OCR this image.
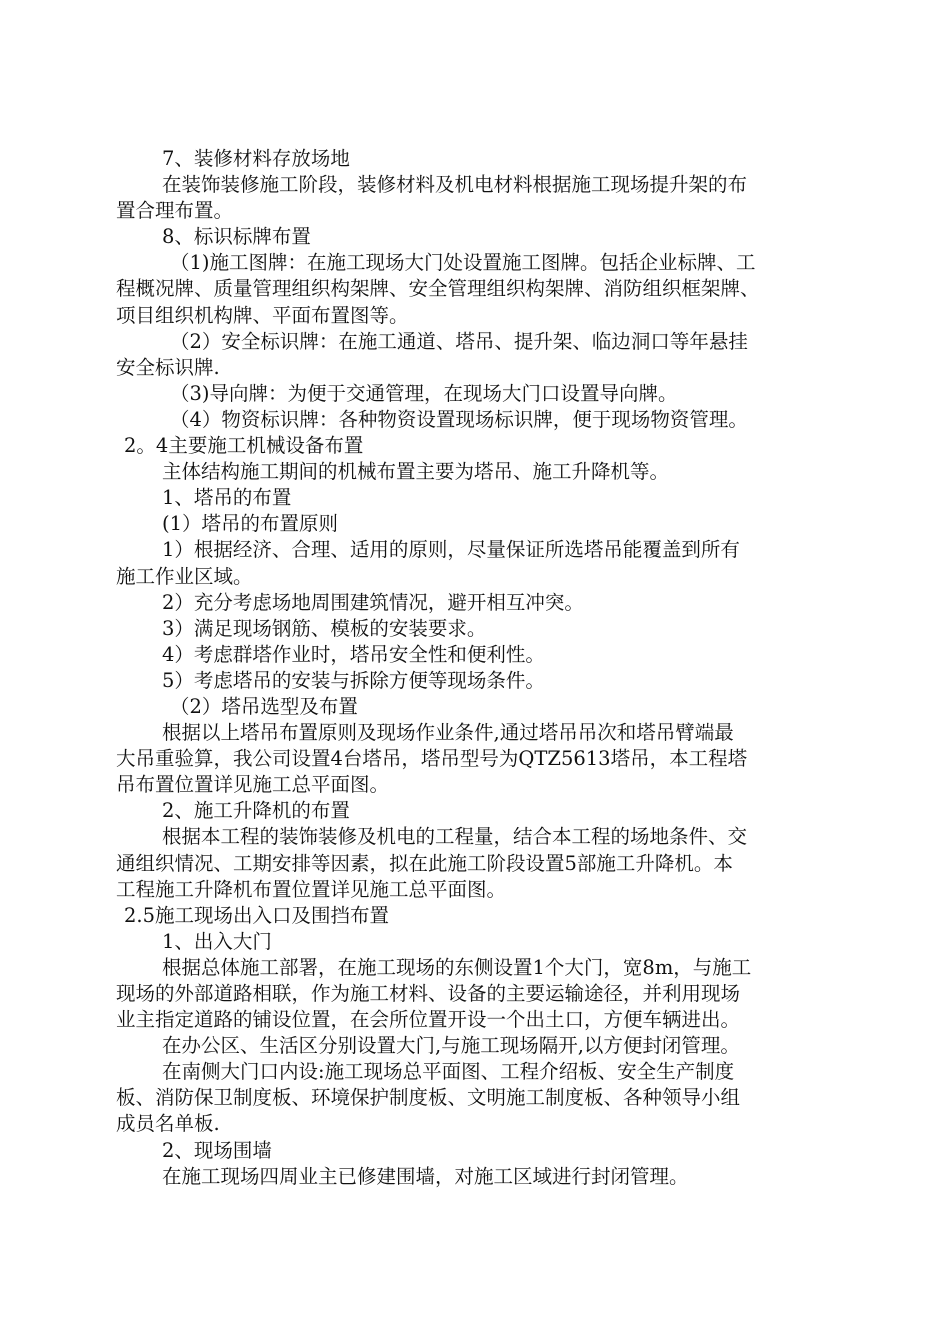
7、装修材料存放场地

在装饰装修施工阶段，装修材料及机电材料根据施工现场提升架的布

置合理布置。

8、标识标牌布置

（1)施工图牌：在施工现场大门处设置施工图牌。包括企业标牌、工

程概况牌、质量管理组织构架牌、安全管理组织构架牌、消防组织框架牌、

项目组织机构牌、平面布置图等。

（2）安全标识牌：在施工通道、塔吊、提升架、临边洞口等年悬挂

安全标识牌.

（3)导向牌：为便于交通管理，在现场大门口设置导向牌。

（4）物资标识牌：各种物资设置现场标识牌，便于现场物资管理。

2。4主要施工机械设备布置

主体结构施工期间的机械布置主要为塔吊、施工升降机等。

1、塔吊的布置

(1）塔吊的布置原则

1）根据经济、合理、适用的原则，尽量保证所选塔吊能覆盖到所有

施工作业区域。

2）充分考虑场地周围建筑情况，避开相互冲突。

3）满足现场钢筋、模板的安装要求。

4）考虑群塔作业时，塔吊安全性和便利性。

5）考虑塔吊的安装与拆除方便等现场条件。

（2）塔吊选型及布置

根据以上塔吊布置原则及现场作业条件,通过塔吊吊次和塔吊臂端最

大吊重验算，我公司设置4台塔吊，塔吊型号为QTZ5613塔吊，本工程塔

吊布置位置详见施工总平面图。

2、施工升降机的布置

根据本工程的装饰装修及机电的工程量，结合本工程的场地条件、交

通组织情况、工期安排等因素，拟在此施工阶段设置5部施工升降机。本

工程施工升降机布置位置详见施工总平面图。

2.5施工现场出入口及围挡布置

1、出入大门

根据总体施工部署，在施工现场的东侧设置1个大门，宽8m，与施工

现场的外部道路相联，作为施工材料、设备的主要运输途径，并利用现场

业主指定道路的铺设位置，在会所位置开设一个出土口，方便车辆进出。

在办公区、生活区分别设置大门,与施工现场隔开,以方便封闭管理。

在南侧大门口内设:施工现场总平面图、工程介绍板、安全生产制度

板、消防保卫制度板、环境保护制度板、文明施工制度板、各种领导小组

成员名单板.

2、现场围墙

在施工现场四周业主已修建围墙，对施工区域进行封闭管理。
